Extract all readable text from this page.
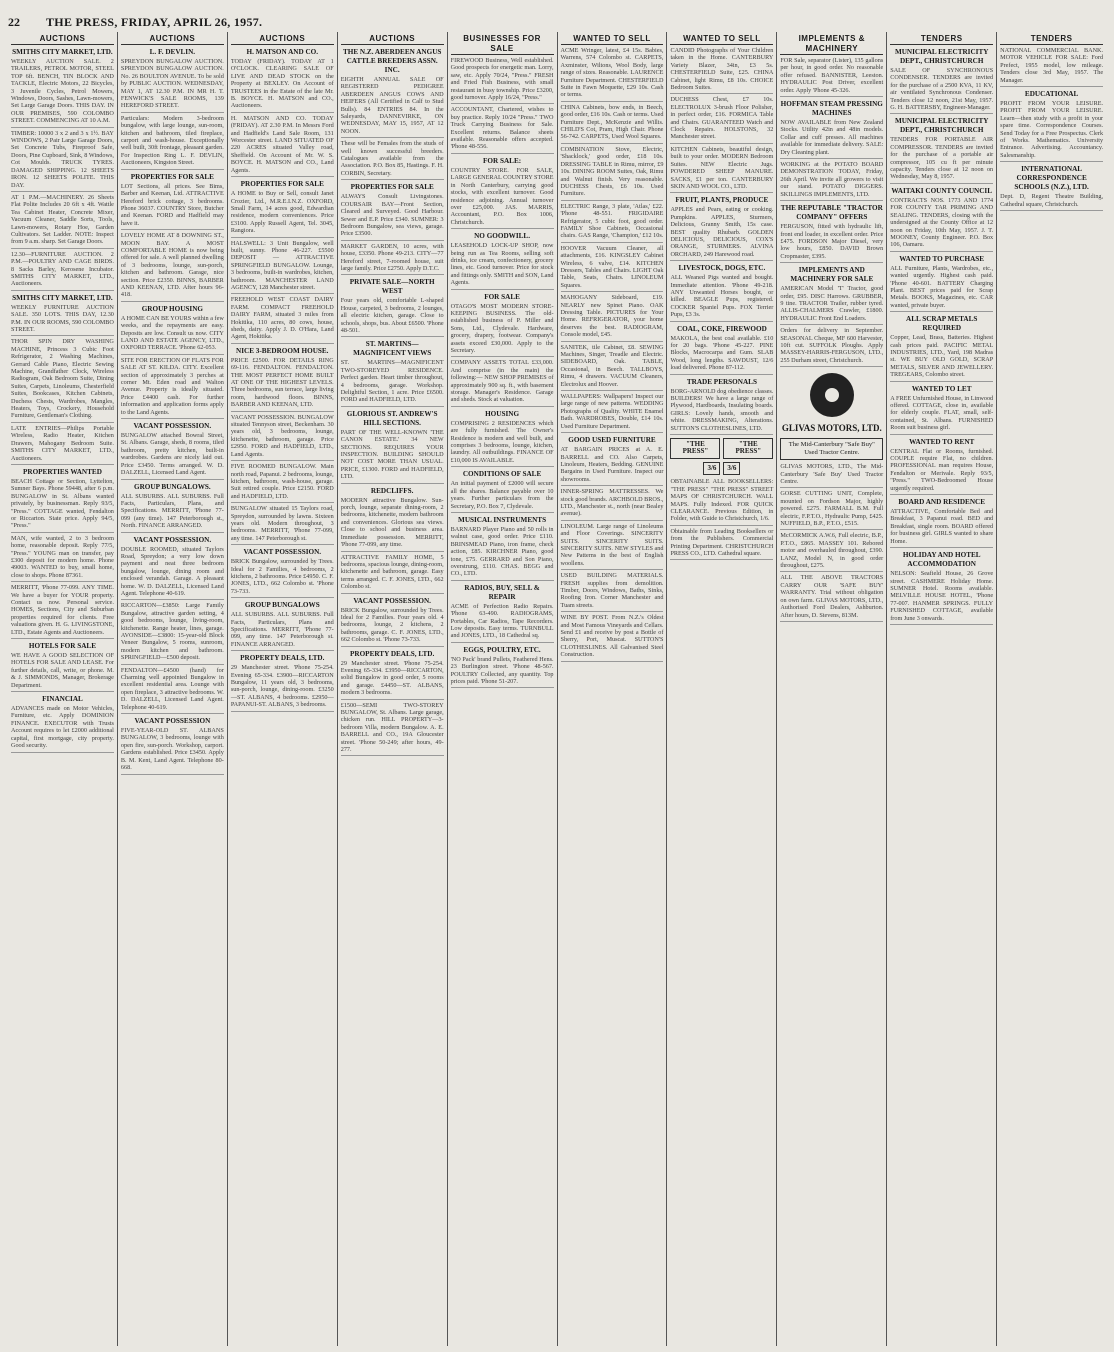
22	THE PRESS, FRIDAY, APRIL 26, 1957.
AUCTIONS
SMITHS CITY MARKET, LTD.
WEEKLY AUCTION SALE. 2 TRAILERS, PETROL MOTOR, STEEL TOP 6ft. BENCH, TIN BLOCK AND TACKLE, Electric Motors, 22 Bicycles, 3 Juvenile Cycles, Petrol Mowers, Windows, Doors, Sashes, Lawn-mowers, Set Large Garage Doors. THIS DAY. IN OUR PREMISES, 590 COLOMBO STREET. COMMENCING AT 10 A.M.
TIMBER: 10000 3 x 2 and 3 x 1½. BAY WINDOWS, 2 Pair Large Garage Doors, Set Concrete Tubs, Fireproof Safe, Doors, Pine Cupboard, Sink, 8 Windows, Cot Moulds. TRUCK TYRES. DAMAGED SHIPPING. 12 SHEETS IRON. 12 SHEETS POLITE. THIS DAY.
AT 1 P.M.—MACHINERY. 26 Sheets Flat Polite Includes 20 6ft x 4ft. Wattle Tea Cabinet Heater, Concrete Mixer, Vacuum Cleaner, Saddle Sorts, Tools, Lawn-mowers, Rotary Hoe, Garden Cultivators. Set Ladder. NOTE: Inspect from 9 a.m. sharp. Set Garage Doors.
12.30—FURNITURE AUCTION. 2 P.M.—POULTRY AND CAGE BIRDS. 8 Sacks Barley, Kerosene Incubator. SMITHS CITY MARKET, LTD., Auctioneers.
SMITHS CITY MARKET, LTD.
WEEKLY FURNITURE AUCTION SALE. 350 LOTS. THIS DAY, 12.30 P.M. IN OUR ROOMS, 590 COLOMBO STREET.
THOR SPIN DRY WASHING MACHINE, Princess 3 Cubic Foot Refrigerator, 2 Washing Machines, Gerrard Cable Piano, Electric Sewing Machine, Grandfather Clock, Wireless Radiogram, Oak Bedroom Suite, Dining Suites, Carpets, Linoleums, Chesterfield Suites, Bookcases, Kitchen Cabinets, Duchess Chests, Wardrobes, Mangles, Heaters, Toys, Crockery, Household Furniture, Gentleman's Clothing.
LATE ENTRIES—Philips Portable Wireless, Radio Heater, Kitchen Drawers, Mahogany Bedroom Suite. SMITHS CITY MARKET, LTD., Auctioneers.
PROPERTIES WANTED
BEACH Cottage or Section, Lyttelton, Sumner Bays. Phone 59448, after 6 p.m. BUNGALOW in St. Albans wanted privately, by businessman. Reply 93/5, "Press." COTTAGE wanted, Fendalton or Riccarton. State price. Apply 94/5, "Press."
MAN, wife wanted, 2 to 3 bedroom home, reasonable deposit. Reply 77/5, "Press." YOUNG man on transfer, pay £300 deposit for modern home. Phone 49003. WANTED to buy, small home, close to shops. Phone 87361.
MERRITT, 'Phone 77-099. ANY TIME. We have a buyer for YOUR property. Contact us now. Personal service. HOMES, Sections, City and Suburban properties required for clients. Free valuations given. H. G. LIVINGSTONE, LTD., Estate Agents and Auctioneers.
HOTELS FOR SALE
WE HAVE A GOOD SELECTION OF HOTELS FOR SALE AND LEASE. For further details, call, write, or phone. M. & J. SIMMONDS, Manager, Brokerage Department.
FINANCIAL
ADVANCES made on Motor Vehicles, Furniture, etc. Apply DOMINION FINANCE. EXECUTOR with Trusts Account requires to let £2000 additional capital, first mortgage, city property. Good security.
AUCTIONS
L. F. DEVLIN.
SPREYDON BUNGALOW AUCTION. SPREYDON BUNGALOW AUCTION. No. 26 BOULTON AVENUE. To be sold by PUBLIC AUCTION. WEDNESDAY, MAY 1, AT 12.30 P.M. IN MR H. T. FENWICK'S SALE ROOMS, 139 HEREFORD STREET.
Particulars: Modern 3-bedroom bungalow, with large lounge, sun-room, kitchen and bathroom, tiled fireplace, carport and wash-house. Exceptionally well built, 30ft frontage, pleasant garden. For Inspection Ring L. F. DEVLIN, Auctioneers, Kingston Street.
PROPERTIES FOR SALE
LOT Sections, all prices. See Bims, Barber and Keenan, Ltd. ATTRACTIVE Hereford brick cottage, 3 bedrooms. Phone 36037. COUNTRY Store, Butcher and Keenan. FORD and Hadfield may have it.
LOVELY HOME AT 8 DOWNING ST., MOON BAY. A MOST COMFORTABLE HOME is now being offered for sale. A well planned dwelling of 3 bedrooms, lounge, sun-porch, kitchen and bathroom. Garage, nice section. Price £2350. BINNS, BARBER AND KEENAN, LTD. After hours 96-418.
GROUP HOUSING
A HOME CAN BE YOURS within a few weeks, and the repayments are easy. Deposits are low. Consult us now. CITY LAND AND ESTATE AGENCY, LTD., OXFORD TERRACE. 'Phone 62-053.
SITE FOR ERECTION OF FLATS FOR SALE AT ST. KILDA. CITY. Excellent section of approximately 3 perches at corner Mt. Eden road and Walton Avenue. Property is ideally situated. Price £4400 cash. For further information and application forms apply to the Land Agents.
VACANT POSSESSION.
BUNGALOW attached Bowral Street, St. Albans. Garage, sheds, 8 rooms, tiled bathroom, pretty kitchen, built-in wardrobes. Gardens are nicely laid out. Price £3450. Terms arranged. W. D. DALZELL, Licensed Land Agent.
GROUP BUNGALOWS.
ALL SUBURBS. ALL SUBURBS. Full Facts, Particulars, Plans, and Specifications. MERRITT, 'Phone 77-099 (any time). 147 Peterborough st., North. FINANCE ARRANGED.
VACANT POSSESSION.
DOUBLE ROOMED, situated Taylors Road, Spreydon; a very low down payment and neat three bedroom bungalow, lounge, dining room and enclosed verandah. Garage. A pleasant home. W. D. DALZELL, Licensed Land Agent. Telephone 40-619.
RICCARTON—£3850: Large Family Bungalow, attractive garden setting, 4 good bedrooms, lounge, living-room, kitchenette. Range heater, lines, garage. AVONSIDE—£3800: 15-year-old Block Veneer Bungalow, 5 rooms, sunroom, modern kitchen and bathroom. SPRINGFIELD—£500 deposit.
FENDALTON—£4500 (hand) for Charming well appointed Bungalow in excellent residential area. Lounge with open fireplace, 3 attractive bedrooms. W. D. DALZELL, Licensed Land Agent. Telephone 40-619.
VACANT POSSESSION
FIVE-YEAR-OLD ST. ALBANS BUNGALOW, 3 bedrooms, lounge with open fire, sun-porch. Workshop, carport. Gardens established. Price £3450. Apply B. M. Kent, Land Agent. Telephone 80-668.
AUCTIONS
H. MATSON AND CO.
TODAY (FRIDAY). TODAY AT 1 O'CLOCK. CLEARING SALE OF LIVE AND DEAD STOCK on the Property at BEXLEY. On Account of TRUSTEES in the Estate of the late Mr. B. BOYCE. H. MATSON and CO., Auctioneers.
H. MATSON AND CO. TODAY (FRIDAY). AT 2.30 P.M. In Messrs Ford and Hadfield's Land Sale Room, 131 Worcester street. LAND SITUATED OF 220 ACRES situated Valley road, Sheffield. On Account of Mr. W. S. BOYCE. H. MATSON and CO., Land Agents.
PROPERTIES FOR SALE
A HOME to Buy or Sell, consult Janet Crozier, Ltd., M.R.E.I.N.Z. OXFORD, Small Farm, 14 acres good, Edwardian residence, modern conveniences. Price £3100. Apply Russell Agent, Tel. 3045, Rangiora.
HALSWELL: 3 Unit Bungalow, well built, sunny. Phone 46-227. £5500 DEPOSIT — ATTRACTIVE SPRINGFIELD BUNGALOW. Lounge, 3 bedrooms, built-in wardrobes, kitchen, bathroom. MANCHESTER LAND AGENCY, 128 Manchester street.
FREEHOLD WEST COAST DAIRY FARM. COMPACT FREEHOLD DAIRY FARM, situated 3 miles from Hokitika, 110 acres, 80 cows, house, sheds, dairy. Apply J. D. O'Hara, Land Agent, Hokitika.
NICE 3-BEDROOM HOUSE.
PRICE £2500. FOR DETAILS RING 69-116. FENDALTON. FENDALTON. THE MOST PERFECT HOME BUILT AT ONE OF THE HIGHEST LEVELS. Three bedrooms, sun terrace, large living room, hardwood floors. BINNS, BARBER AND KEENAN, LTD.
VACANT POSSESSION. BUNGALOW situated Tennyson street, Beckenham. 30 years old, 3 bedrooms, lounge, kitchenette, bathroom, garage. Price £2950. FORD and HADFIELD, LTD., Land Agents.
FIVE ROOMED BUNGALOW. Main north road, Papanui. 2 bedrooms, lounge, kitchen, bathroom, wash-house, garage. Suit retired couple. Price £2150. FORD and HADFIELD, LTD.
BUNGALOW situated 15 Taylors road, Spreydon, surrounded by lawns. Sixteen years old. Modern throughout, 3 bedrooms. MERRITT, 'Phone 77-099, any time. 147 Peterborough st.
VACANT POSSESSION.
BRICK Bungalow, surrounded by Trees. Ideal for 2 Families, 4 bedrooms, 2 kitchens, 2 bathrooms. Price £4950. C. F. JONES, LTD., 662 Colombo st. 'Phone 73-733.
GROUP BUNGALOWS
ALL SUBURBS. ALL SUBURBS. Full Facts, Particulars, Plans and Specifications. MERRITT, 'Phone 77-099, any time. 147 Peterborough st. FINANCE ARRANGED.
PROPERTY DEALS, LTD.
29 Manchester street. 'Phone 75-254. Evening 65-334. £3900—RICCARTON Bungalow, 11 years old, 3 bedrooms, sun-porch, lounge, dining-room. £3250—ST. ALBANS, 4 bedrooms. £2950—PAPANUI-ST. ALBANS, 3 bedrooms.
AUCTIONS
THE N.Z. ABERDEEN ANGUS CATTLE BREEDERS ASSN. INC.
EIGHTH ANNUAL SALE OF REGISTERED PEDIGREE ABERDEEN ANGUS COWS AND HEIFERS (All Certified in Calf to Stud Bulls). 84 ENTRIES 84. In the Saleyards, DANNEVIRKE, ON WEDNESDAY, MAY 15, 1957, AT 12 NOON.
These will be Females from the studs of well known successful breeders. Catalogues available from the Association. P.O. Box 85, Hastings. F. H. CORBIN, Secretary.
PROPERTIES FOR SALE
ALWAYS Consult Livingstones. COURSAIR BAY—Front Section, Cleared and Surveyed. Good Harbour. Sewer and E.P. Price £340. SUMNER: 3 Bedroom Bungalow, sea views, garage. Price £3500.
MARKET GARDEN, 10 acres, with house, £3350. Phone 49-213. CITY—77 Hereford street, 7-roomed house, suit large family. Price £2750. Apply D.T.C.
PRIVATE SALE—NORTH WEST
Four years old, comfortable L-shaped House, carpeted, 3 bedrooms, 2 lounges, all electric kitchen, garage. Close to schools, shops, bus. About £6500. 'Phone 48-501.
ST. MARTINS—MAGNIFICENT VIEWS
ST. MARTINS—MAGNIFICENT TWO-STOREYED RESIDENCE. Perfect garden. Heart timber throughout, 4 bedrooms, garage. Workshop. Delightful Section, 1 acre. Price £6500. FORD and HADFIELD, LTD.
GLORIOUS ST. ANDREW'S HILL SECTIONS.
PART OF THE WELL-KNOWN 'THE CANON ESTATE.' 34 NEW SECTIONS. REQUIRES YOUR INSPECTION. BUILDING SHOULD NOT COST MORE THAN USUAL. PRICE, £1300. FORD and HADFIELD, LTD.
REDCLIFFS.
MODERN attractive Bungalow. Sun-porch, lounge, separate dining-room, 2 bedrooms, kitchenette, modern bathroom and conveniences. Glorious sea views. Close to school and business area. Immediate possession. MERRITT, 'Phone 77-099, any time.
ATTRACTIVE FAMILY HOME, 5 bedrooms, spacious lounge, dining-room, kitchenette and bathroom, garage. Easy terms arranged. C. F. JONES, LTD., 662 Colombo st.
VACANT POSSESSION.
BRICK Bungalow, surrounded by Trees. Ideal for 2 Families. Four years old. 4 bedrooms, lounge, 2 kitchens, 2 bathrooms, garage. C. F. JONES, LTD., 662 Colombo st. 'Phone 73-733.
PROPERTY DEALS, LTD.
29 Manchester street. 'Phone 75-254. Evening 65-334. £3950—RICCARTON, solid Bungalow in good order, 5 rooms and garage. £4450—ST. ALBANS, modern 3 bedrooms.
£1500—SEMI TWO-STOREY BUNGALOW, St. Albans. Large garage, chicken run. HILL PROPERTY—3-bedroom Villa, modern Bungalow. A. E. BARRELL and CO., 19A Gloucester street. 'Phone 50-249; after hours, 49-277.
BUSINESSES FOR SALE
FIREWOOD Business, Well established. Good prospects for energetic man. Lorry, saw, etc. Apply 70/24, "Press." FRESH and Fried Fish Business, with small restaurant in busy township. Price £3200, good turnover. Apply 16/24, "Press."
ACCOUNTANT, Chartered, wishes to buy practice. Reply 10/24 "Press." TWO Truck Carrying Business for Sale. Excellent returns. Balance sheets available. Reasonable offers accepted. 'Phone 48-556.
FOR SALE:
COUNTRY STORE. FOR SALE, LARGE GENERAL COUNTRY STORE in North Canterbury, carrying good stocks, with excellent turnover. Good residence adjoining. Annual turnover over £25,000. JAS. MARRIS, Accountant, P.O. Box 1006, Christchurch.
NO GOODWILL.
LEASEHOLD LOCK-UP SHOP, now being run as Tea Rooms, selling soft drinks, ice cream, confectionery, grocery lines, etc. Good turnover. Price for stock and fittings only. SMITH and SON, Land Agents.
FOR SALE
OTAGO'S MOST MODERN STORE-KEEPING BUSINESS. The old-established business of P. Miller and Sons, Ltd., Clydevale. Hardware, grocery, drapery, footwear. Company's assets exceed £30,000. Apply to the Secretary.
COMPANY ASSETS TOTAL £33,000. And comprise (in the main) the following:— NEW SHOP PREMISES of approximately 900 sq. ft., with basement storage. Manager's Residence. Garage and sheds. Stock at valuation.
HOUSING
COMPRISING 2 RESIDENCES which are fully furnished. The Owner's Residence is modern and well built, and comprises 3 bedrooms, lounge, kitchen, laundry. All outbuildings. FINANCE OF £10,000 IS AVAILABLE.
CONDITIONS OF SALE
An initial payment of £2000 will secure all the shares. Balance payable over 10 years. Further particulars from the Secretary, P.O. Box 7, Clydevale.
MUSICAL INSTRUMENTS
BARNARD Player Piano and 50 rolls in walnut case, good order. Price £110. BRINSMEAD Piano, iron frame, check action, £85. KIRCHNER Piano, good tone, £75. GERRARD and Son Piano, overstrung, £110. CHAS. BEGG and CO., LTD.
RADIOS, BUY, SELL & REPAIR
ACME of Perfection Radio Repairs. 'Phone 63-490. RADIOGRAMS, Portables, Car Radios, Tape Recorders. Low deposits. Easy terms. TURNBULL and JONES, LTD., 18 Cathedral sq.
EGGS, POULTRY, ETC.
'NO Pack' brand Pullets, Feathered Hens. 23 Burlington street. 'Phone 48-567. POULTRY Collected, any quantity. Top prices paid. 'Phone 51-207.
WANTED TO SELL
ACME Wringer, latest, £4 15s. Babies, Warrens, 574 Colombo st. CARPETS, Axminster, Wiltons, Wool Body, large range of sizes. Reasonable. LAURENCE Furniture Department. CHESTERFIELD Suite in Fawn Moquette, £29 10s. Cash or terms.
CHINA Cabinets, bow ends, in Beech, good order, £16 10s. Cash or terms. Used Furniture Dept., McKenzie and Willis. CHILD'S Cot, Pram, High Chair. Phone 56-742. CARPETS, Used Wool Squares.
COMBINATION Stove, Electric, 'Shacklock,' good order, £18 10s. DRESSING TABLE in Rimu, mirror, £9 10s. DINING ROOM Suites, Oak, Rimu and Walnut finish. Very reasonable. DUCHESS Chests, £6 10s. Used Furniture.
ELECTRIC Range, 3 plate, 'Atlas,' £22. 'Phone 48-551. FRIGIDAIRE Refrigerator, 5 cubic foot, good order. FAMILY Shoe Cabinets, Occasional chairs. GAS Range, 'Champion,' £12 10s.
HOOVER Vacuum Cleaner, all attachments, £16. KINGSLEY Cabinet Wireless, 6 valve, £14. KITCHEN Dressers, Tables and Chairs. LIGHT Oak Table, Seats, Chairs. LINOLEUM Squares.
MAHOGANY Sideboard, £19. NEARLY new Spinet Piano. OAK Dressing Table. PICTURES for Your Home. REFRIGERATOR, your home deserves the best. RADIOGRAM, Console model, £45.
SANITEK, tile Cabinet, £8. SEWING Machines, Singer, Treadle and Electric. SIDEBOARD, Oak. TABLE, Occasional, in Beech. TALLBOYS, Rimu, 4 drawers. VACUUM Cleaners, Electrolux and Hoover.
WALLPAPERS: Wallpapers! Inspect our large range of new patterns. WEDDING Photographs of Quality. WHITE Enamel Bath. WARDROBES, Double, £14 10s. Used Furniture Department.
GOOD USED FURNITURE
AT BARGAIN PRICES at A. E. BARRELL and CO. Also Carpets, Linoleum, Heaters, Bedding. GENUINE Bargains in Used Furniture. Inspect our showrooms.
INNER-SPRING MATTRESSES. We stock good brands. ARCHBOLD BROS., LTD., Manchester st., north (near Bealey avenue).
LINOLEUM. Large range of Linoleums and Floor Coverings. SINCERITY SUITS. SINCERITY SUITS. SINCERITY SUITS. NEW STYLES and New Patterns in the best of English woollens.
USED BUILDING MATERIALS. FRESH supplies from demolition. Timber, Doors, Windows, Baths, Sinks, Roofing Iron. Corner Manchester and Tuam streets.
WINE BY POST. From N.Z.'s Oldest and Most Famous Vineyards and Cellars. Send £1 and receive by post a Bottle of Sherry, Port, Muscat. SUTTON'S CLOTHESLINES. All Galvanised Steel Construction.
WANTED TO SELL
CANDID Photographs of Your Children taken in the Home. CANTERBURY Variety Blazer, 34in, £3 5s. CHESTERFIELD Suite, £25. CHINA Cabinet, light Rimu, £8 10s. CHOICE Bedroom Suites.
DUCHESS Chest, £7 10s. ELECTROLUX 3-brush Floor Polisher, in perfect order, £16. FORMICA Table and Chairs. GUARANTEED Watch and Clock Repairs. HOLSTONS, 32 Manchester street.
KITCHEN Cabinets, beautiful design, built to your order. MODERN Bedroom Suites. NEW Electric Jugs. POWDERED SHEEP MANURE. SACKS, £1 per ton. CANTERBURY SKIN AND WOOL CO., LTD.
FRUIT, PLANTS, PRODUCE
APPLES and Pears, eating or cooking. Pumpkins. APPLES, Sturmers, Delicious, Granny Smith, 15s case. BEST quality Rhubarb. GOLDEN DELICIOUS, DELICIOUS, COX'S ORANGE, STURMERS. ALVINA ORCHARD, 249 Harewood road.
LIVESTOCK, DOGS, ETC.
ALL Weaned Pigs wanted and bought. Immediate attention. 'Phone 49-218. ANY Unwanted Horses bought, or killed. BEAGLE Pups, registered. COCKER Spaniel Pups. FOX Terrier Pups, £3 3s.
COAL, COKE, FIREWOOD
MAKOLA, the best coal available. £10 for 20 bags. 'Phone 45-227. PINE Blocks, Macrocarpa and Gum. SLAB Wood, long lengths. SAWDUST, 12/6 load delivered. Phone 87-112.
TRADE PERSONALS
BORG-ARNOLD dog obedience classes. BUILDERS! We have a large range of Plywood, Hardboards, Insulating boards. GIRLS: Lovely hands, smooth and white. DRESSMAKING, Alterations. SUTTON'S CLOTHESLINES, LTD.
"THE PRESS"
"THE PRESS"
3/6	3/6
OBTAINABLE ALL BOOKSELLERS: "THE PRESS" "THE PRESS" STREET MAPS OF CHRISTCHURCH. WALL MAPS. Fully Indexed. FOR QUICK CLEARANCE. Previous Edition, in Folder, with Guide to Christchurch, 1/6.
Obtainable from Leading Booksellers or from the Publishers. Commercial Printing Department. CHRISTCHURCH PRESS CO., LTD. Cathedral square.
IMPLEMENTS & MACHINERY
FOR Sale, separator (Lister), 135 gallons per hour, in good order. No reasonable offer refused. BANNISTER, Leeston. HYDRAULIC Post Driver, excellent order. Apply 'Phone 45-326.
HOFFMAN STEAM PRESSING MACHINES
NOW AVAILABLE from New Zealand Stocks. Utility 42in and 48in models. Collar and cuff presses. All machines available for immediate delivery. SALE: Dry Cleaning plant.
WORKING at the POTATO BOARD DEMONSTRATION TODAY, Friday, 26th April. We invite all growers to visit our stand. POTATO DIGGERS. SKILLINGS IMPLEMENTS, LTD.
THE REPUTABLE "TRACTOR COMPANY" OFFERS
FERGUSON, fitted with hydraulic lift, front end loader, in excellent order. Price £475. FORDSON Major Diesel, very low hours, £850. DAVID Brown Cropmaster, £395.
IMPLEMENTS AND MACHINERY FOR SALE
AMERICAN Model 'T' Tractor, good order, £95. DISC Harrows. GRUBBER, 9 tine. TRACTOR Trailer, rubber tyred. ALLIS-CHALMERS Crawler, £1800. HYDRAULIC Front End Loaders.
Orders for delivery in September. SEASONAL Cheque, MF 600 Harvester, 10ft cut. SUFFOLK Ploughs. Apply MASSEY-HARRIS-FERGUSON, LTD., 255 Durham street, Christchurch.
GLIVAS MOTORS, LTD.
The Mid-Canterbury "Safe Buy" Used Tractor Centre.
GLIVAS MOTORS, LTD., The Mid-Canterbury 'Safe Buy' Used Tractor Centre.
GORSE CUTTING UNIT, Complete, mounted on Fordson Major, highly powered. £275. FARMALL B.M. Full electric, F.P.T.O., Hydraulic Pump, £425. NUFFIELD, B.P., P.T.O., £515.
McCORMICK A.W.6, Full electric, B.P., P.T.O., £865. MASSEY 101. Rebored motor and overhauled throughout, £390. LANZ, Model N, in good order throughout, £275.
ALL THE ABOVE TRACTORS CARRY OUR 'SAFE BUY' WARRANTY. Trial without obligation on own farm. GLIVAS MOTORS, LTD., Authorised Ford Dealers, Ashburton. After hours, D. Stevens, 813M.
TENDERS
MUNICIPAL ELECTRICITY DEPT., CHRISTCHURCH
SALE OF SYNCHRONOUS CONDENSER. TENDERS are invited for the purchase of a 2500 KVA, 11 KV, air ventilated Synchronous Condenser. Tenders close 12 noon, 21st May, 1957. G. H. BATTERSBY, Engineer-Manager.
MUNICIPAL ELECTRICITY DEPT., CHRISTCHURCH
TENDERS FOR PORTABLE AIR COMPRESSOR. TENDERS are invited for the purchase of a portable air compressor, 105 cu ft per minute capacity. Tenders close at 12 noon on Wednesday, May 8, 1957.
WAITAKI COUNTY COUNCIL
CONTRACTS NOS. 1773 AND 1774 FOR COUNTY TAR PRIMING AND SEALING. TENDERS, closing with the undersigned at the County Office at 12 noon on Friday, 10th May, 1957. J. T. MOONEY, County Engineer. P.O. Box 106, Oamaru.
WANTED TO PURCHASE
ALL Furniture, Plants, Wardrobes, etc., wanted urgently. Highest cash paid. 'Phone 40-601. BATTERY Charging Plant. BEST prices paid for Scrap Metals. BOOKS, Magazines, etc. CAR wanted, private buyer.
ALL SCRAP METALS REQUIRED
Copper, Lead, Brass, Batteries. Highest cash prices paid. PACIFIC METAL INDUSTRIES, LTD., Yard, 198 Madras st. WE BUY OLD GOLD, SCRAP METALS, SILVER AND JEWELLERY. TREGEARS, Colombo street.
WANTED TO LET
A FREE Unfurnished House, in Linwood offered. COTTAGE, close in, available for elderly couple. FLAT, small, self-contained, St. Albans. FURNISHED Room suit business girl.
WANTED TO RENT
CENTRAL Flat or Rooms, furnished. COUPLE require Flat, no children. PROFESSIONAL man requires House, Fendalton or Merivale. Reply 93/5, "Press." TWO-Bedroomed House urgently required.
BOARD AND RESIDENCE
ATTRACTIVE, Comfortable Bed and Breakfast, 3 Papanui road. BED and Breakfast, single room. BOARD offered for business girl. GIRLS wanted to share Home.
HOLIDAY AND HOTEL ACCOMMODATION
NELSON: Seafield House, 26 Grove street. CASHMERE Holiday Home. SUMNER Hotel. Rooms available. MELVILLE HOUSE HOTEL, 'Phone 77-007. HANMER SPRINGS. FULLY FURNISHED COTTAGE, available from June 3 onwards.
TENDERS
NATIONAL COMMERCIAL BANK. MOTOR VEHICLE FOR SALE: Ford Prefect, 1955 model, low mileage. Tenders close 3rd May, 1957. The Manager.
EDUCATIONAL
PROFIT FROM YOUR LEISURE. PROFIT FROM YOUR LEISURE. Learn—then study with a profit in your spare time. Correspondence Courses. Send Today for a Free Prospectus. Clerk of Works. Mathematics. University Entrance. Advertising. Accountancy. Salesmanship.
INTERNATIONAL CORRESPONDENCE SCHOOLS (N.Z.), LTD.
Dept. D, Regent Theatre Building, Cathedral square, Christchurch.
